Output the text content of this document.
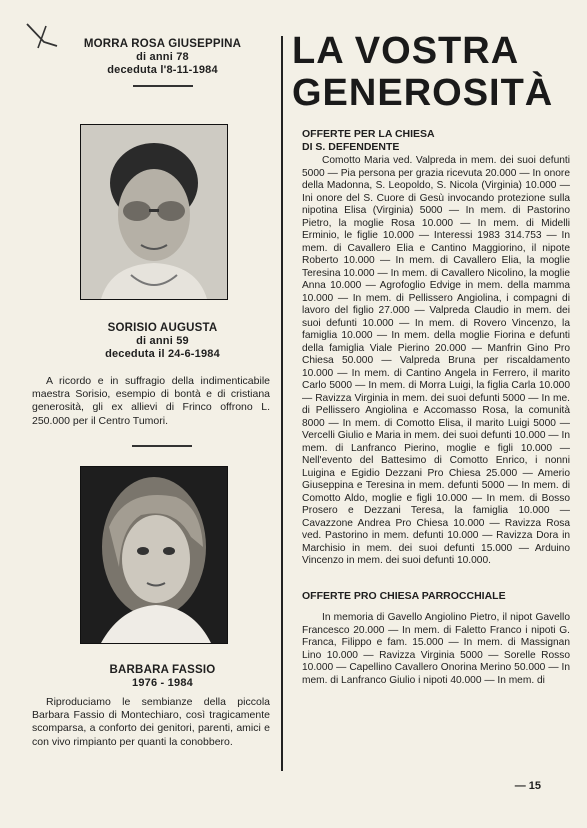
MORRA ROSA GIUSEPPINA
di anni 78
deceduta l'8-11-1984
SORISIO AUGUSTA
di anni 59
deceduta il 24-6-1984
A ricordo e in suffragio della indimenticabile maestra Sorisio, esempio di bontà e di cristiana generosità, gli ex allievi di Frinco offrono L. 250.000 per il Centro Tumori.
BARBARA FASSIO
1976 - 1984
Riproduciamo le sembianze della piccola Barbara Fassio di Montechiaro, così tragicamente scomparsa, a conforto dei genitori, parenti, amici e con vivo rimpianto per quanti la conobbero.
LA VOSTRA
GENEROSITÀ
OFFERTE PER LA CHIESA
DI S. DEFENDENTE
Comotto Maria ved. Valpreda in mem. dei suoi defunti 5000 — Pia persona per grazia ricevuta 20.000 — In onore della Madonna, S. Leopoldo, S. Nicola (Virginia) 10.000 — Ini onore del S. Cuore di Gesù invocando protezione sulla nipotina Elisa (Virginia) 5000 — In mem. di Pastorino Pietro, la moglie Rosa 10.000 — In mem. di Midelli Erminio, le figlie 10.000 — Interessi 1983 314.753 — In mem. di Cavallero Elia e Cantino Maggiorino, il nipote Roberto 10.000 — In mem. di Cavallero Elia, la moglie Teresina 10.000 — In mem. di Cavallero Nicolino, la moglie Anna 10.000 — Agrofoglio Edvige in mem. della mamma 10.000 — In mem. di Pellissero Angiolina, i compagni di lavoro del figlio 27.000 — Valpreda Claudio in mem. dei suoi defunti 10.000 — In mem. di Rovero Vincenzo, la famiglia 10.000 — In mem. della moglie Fiorina e defunti della famiglia Viale Pierino 20.000 — Manfrin Gino Pro Chiesa 50.000 — Valpreda Bruna per riscaldamento 10.000 — In mem. di Cantino Angela in Ferrero, il marito Carlo 5000 — In mem. di Morra Luigi, la figlia Carla 10.000 — Ravizza Virginia in mem. dei suoi defunti 5000 — In me. di Pellissero Angiolina e Accomasso Rosa, la comunità 8000 — In mem. di Comotto Elisa, il marito Luigi 5000 — Vercelli Giulio e Maria in mem. dei suoi defunti 10.000 — In mem. di Lanfranco Pierino, moglie e figli 10.000 — Nell'evento del Battesimo di Comotto Enrico, i nonni Luigina e Egidio Dezzani Pro Chiesa 25.000 — Amerio Giuseppina e Teresina in mem. defunti 5000 — In mem. di Comotto Aldo, moglie e figli 10.000 — In mem. di Bosso Prosero e Dezzani Teresa, la famiglia 10.000 — Cavazzone Andrea Pro Chiesa 10.000 — Ravizza Rosa ved. Pastorino in mem. defunti 10.000 — Ravizza Dora in Marchisio in mem. dei suoi defunti 15.000 — Arduino Vincenzo in mem. dei suoi defunti 10.000.
OFFERTE PRO CHIESA PARROCCHIALE
In memoria di Gavello Angiolino Pietro, il nipot Gavello Francesco 20.000 — In mem. di Faletto Franco i nipoti G. Franca, Filippo e fam. 15.000 — In mem. di Massignan Lino 10.000 — Ravizza Virginia 5000 — Sorelle Rosso 10.000 — Capellino Cavallero Onorina Merino 50.000 — In mem. di Lanfranco Giulio i nipoti 40.000 — In mem. di
— 15
